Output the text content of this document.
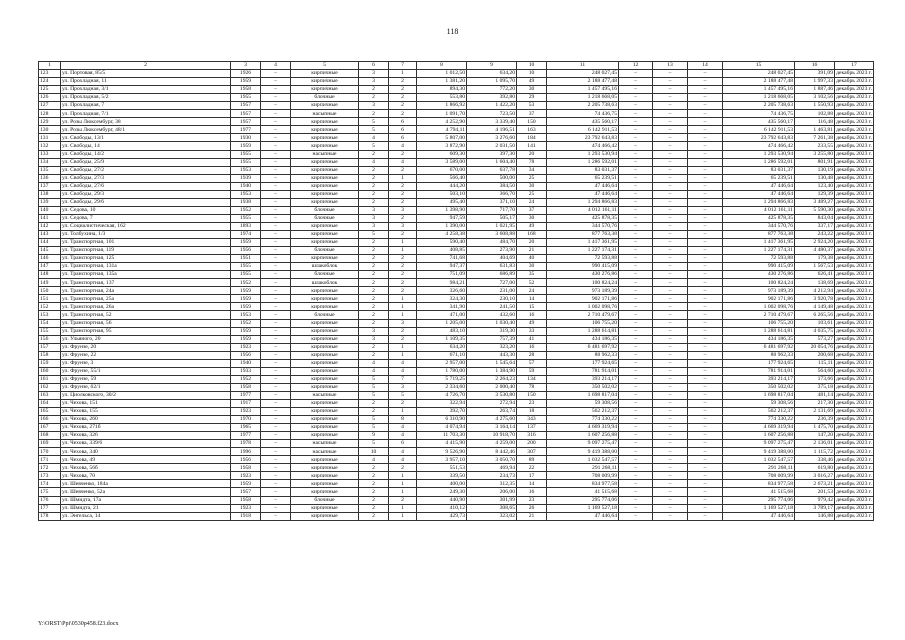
118
1	2	3	4	5	6	7	8	9	10	11	12	13	14	15	16	17
123	ул. Портовая, 85/5	1926	–	кирпичные	3	1	1 012,50	634,20	10	248 027,45	–	–	–	248 027,45	391,09	декабрь 2023 г.
124	ул. Прохладная, 11	1959	–	кирпичные	3	2	1 381,20	1 095,70	49	2 188 477,48	–	–	–	2 188 477,48	1 997,33	декабрь 2023 г.
125	ул. Прохладная, 3/1	1958	–	кирпичные	2	2	894,30	772,20	30	1 457 495,16	–	–	–	1 457 495,16	1 887,46	декабрь 2023 г.
126	ул. Прохладная, 5/2	1955	–	блочные	2	2	553,80	392,80	29	1 218 668,05	–	–	–	1 218 668,05	3 102,56	декабрь 2023 г.
127	ул. Прохладная, 7	1957	–	кирпичные	3	2	1 866,92	1 422,20	53	2 205 738,63	–	–	–	2 205 738,63	1 550,93	декабрь 2023 г.
128	ул. Прохладная, 7/1	1957	–	насыпные	2	2	1 091,70	723,50	37	74 436,75	–	–	–	74 436,75	102,88	декабрь 2023 г.
129	ул. Розы Люксембург, 38	1957	–	кирпичные	5	6	4 252,90	3 339,40	150	435 560,17	–	–	–	435 560,17	116,48	декабрь 2023 г.
130	ул. Розы Люксембург, 48/1	1977	–	кирпичные	5	6	4 794,11	4 196,51	163	6 142 911,53	–	–	–	6 142 911,53	1 463,81	декабрь 2023 г.
131	ул. Свободы, 13/1	1930	–	кирпичные	4	6	5 807,00	3 276,60	184	23 792 643,83	–	–	–	23 792 643,83	7 261,38	декабрь 2023 г.
132	ул. Свободы, 14	1959	–	кирпичные	5	4	3 872,90	2 031,50	141	474 466,42	–	–	–	474 466,42	233,55	декабрь 2023 г.
133	ул. Свободы, 14/2	1955	–	насыпные	2	2	609,30	397,30	20	1 293 530,94	–	–	–	1 293 530,94	3 255,80	декабрь 2023 г.
134	ул. Свободы, 25/9	1955	–	кирпичные	4	4	3 589,00	1 604,40	78	1 286 592,01	–	–	–	1 286 592,01	801,91	декабрь 2023 г.
135	ул. Свободы, 27/2	1953	–	кирпичные	2	2	670,00	637,78	34	83 031,37	–	–	–	83 031,37	130,19	декабрь 2023 г.
136	ул. Свободы, 27/3	1939	–	кирпичные	2	1	566,40	500,00	25	65 239,51	–	–	–	65 239,51	130,48	декабрь 2023 г.
137	ул. Свободы, 27/6	1940	–	кирпичные	2	2	444,20	384,50	30	47 446,64	–	–	–	47 446,64	123,40	декабрь 2023 г.
138	ул. Свободы, 29/3	1953	–	кирпичные	2	2	503,10	366,70	25	47 446,64	–	–	–	47 446,64	129,39	декабрь 2023 г.
139	ул. Свободы, 29/6	1938	–	кирпичные	2	2	495,40	371,10	24	1 294 866,83	–	–	–	1 294 866,83	3 489,27	декабрь 2023 г.
140	ул. Седова, 10	1952	–	блочные	3	3	1 398,90	717,70	37	4 012 161,11	–	–	–	4 012 161,11	5 590,30	декабрь 2023 г.
141	ул. Седова, 7	1955	–	блочные	3	2	947,59	505,17	30	425 878,35	–	–	–	425 878,35	843,04	декабрь 2023 г.
142	ул. Социалистическая, 162	1893	–	кирпичные	3	3	1 390,00	1 021,95	49	344 570,76	–	–	–	344 570,76	337,17	декабрь 2023 г.
143	ул. Толбухина, 1/3	1974	–	кирпичные	5	2	4 258,38	3 608,88	168	877 763,38	–	–	–	877 763,38	243,22	декабрь 2023 г.
144	ул. Транспортная, 101	1959	–	кирпичные	2	1	590,40	484,70	20	1 417 361,95	–	–	–	1 417 361,95	2 924,20	декабрь 2023 г.
145	ул. Транспортная, 119	1956	–	блочные	2	1	408,85	273,90	21	1 227 174,31	–	–	–	1 227 174,31	4 480,37	декабрь 2023 г.
146	ул. Транспортная, 125	1951	–	кирпичные	2	2	741,68	404,69	40	72 593,88	–	–	–	72 593,88	179,38	декабрь 2023 г.
147	ул. Транспортная, 131а	1955	–	шлакоблок	2	2	947,37	631,83	30	990 415,09	–	–	–	990 415,09	1 567,53	декабрь 2023 г.
148	ул. Транспортная, 135а	1955	–	блочные	2	2	751,09	686,89	35	430 276,86	–	–	–	430 276,86	626,41	декабрь 2023 г.
149	ул. Транспортная, 137	1952	–	шлакоблок	2	2	984,21	727,00	52	100 824,24	–	–	–	100 824,24	138,69	декабрь 2023 г.
150	ул. Транспортная, 24а	1959	–	кирпичные	2	2	326,60	231,00	24	973 189,39	–	–	–	973 189,39	4 212,94	декабрь 2023 г.
151	ул. Транспортная, 25а	1959	–	кирпичные	2	1	324,30	230,10	14	902 171,86	–	–	–	902 171,86	3 920,78	декабрь 2023 г.
152	ул. Транспортная, 26а	1959	–	кирпичные	2	1	341,90	241,50	15	1 002 098,76	–	–	–	1 002 098,76	4 149,48	декабрь 2023 г.
153	ул. Транспортная, 52	1953	–	блочные	2	1	471,00	432,60	16	2 710 479,67	–	–	–	2 710 479,67	6 265,56	декабрь 2023 г.
154	ул. Транспортная, 56	1952	–	кирпичные	2	3	1 205,00	1 030,40	49	106 755,20	–	–	–	106 755,20	103,61	декабрь 2023 г.
155	ул. Транспортная, 95	1959	–	кирпичные	3	2	483,10	319,30	33	1 288 614,81	–	–	–	1 288 614,81	4 035,75	декабрь 2023 г.
156	ул. Ульяного, 20	1959	–	кирпичные	3	2	1 109,35	757,39	41	434 186,35	–	–	–	434 186,35	573,27	декабрь 2023 г.
157	ул. Фрунзе, 20	1923	–	кирпичные	2	1	634,20	323,20	16	6 481 697,92	–	–	–	6 481 697,92	20 054,76	декабрь 2023 г.
158	ул. Фрунзе, 22	1956	–	кирпичные	2	1	671,10	443,30	28	88 962,33	–	–	–	88 962,33	200,68	декабрь 2023 г.
159	ул. Фрунзе, 3	1940	–	кирпичные	4	4	2 957,00	1 545,64	57	177 924,65	–	–	–	177 924,65	115,11	декабрь 2023 г.
160	ул. Фрунзе, 55/1	1933	–	кирпичные	4	4	1 780,00	1 384,90	59	781 914,01	–	–	–	781 914,01	564,60	декабрь 2023 г.
161	ул. Фрунзе, 59	1952	–	кирпичные	5	7	5 719,25	2 264,23	134	393 214,17	–	–	–	393 214,17	173,66	декабрь 2023 г.
162	ул. Фрунзе, 62/1	1958	–	кирпичные	5	3	2 334,60	2 000,40	78	350 502,02	–	–	–	350 502,02	375,18	декабрь 2023 г.
163	ул. Циолковского, 30/2	1977	–	насыпные	5	5	4 726,70	3 530,80	150	1 698 817,04	–	–	–	1 698 817,04	481,14	декабрь 2023 г.
164	ул. Чехова, 151	1917	–	кирпичные	2	2	322,94	272,94	23	59 308,56	–	–	–	59 308,56	217,30	декабрь 2023 г.
165	ул. Чехова, 155	1923	–	кирпичные	2	1	392,70	263,74	18	562 212,37	–	–	–	562 212,37	2 131,69	декабрь 2023 г.
166	ул. Чехова, 260	1970	–	кирпичные	5	8	6 310,90	4 275,60	343	774 330,22	–	–	–	774 330,22	236,39	декабрь 2023 г.
167	ул. Чехова, 271б	1965	–	кирпичные	5	4	4 074,94	3 164,14	137	4 669 319,94	–	–	–	4 669 319,94	1 475,70	декабрь 2023 г.
168	ул. Чехова, 326	1977	–	кирпичные	9	4	11 703,30	10 918,70	316	1 607 256,88	–	–	–	1 607 256,88	147,20	декабрь 2023 г.
169	ул. Чехова, 339/6	1978	–	насыпные	5	6	4 415,90	4 259,00	200	9 097 275,47	–	–	–	9 097 275,47	2 136,01	декабрь 2023 г.
170	ул. Чехова, 340	1996	–	насыпные	10	4	9 526,90	8 442,46	307	9 419 388,00	–	–	–	9 419 388,00	1 115,72	декабрь 2023 г.
171	ул. Чехова, 49	1956	–	кирпичные	4	4	3 957,10	3 050,70	89	1 032 547,57	–	–	–	1 032 547,57	338,46	декабрь 2023 г.
172	ул. Чехова, 56б	1958	–	кирпичные	2	2	551,53	469,94	22	291 268,11	–	–	–	291 268,11	619,80	декабрь 2023 г.
173	ул. Чехова, 70	1923	–	кирпичные	2	1	339,50	234,73	17	708 009,99	–	–	–	708 009,99	3 016,27	декабрь 2023 г.
174	ул. Шевченко, 184а	1959	–	кирпичные	2	1	400,00	312,35	14	834 977,58	–	–	–	834 977,58	2 673,21	декабрь 2023 г.
175	ул. Шевченко, 52а	1957	–	кирпичные	2	1	249,30	206,00	16	41 515,68	–	–	–	41 515,68	201,53	декабрь 2023 г.
176	ул. Шмидта, 17а	1958	–	блочные	2	2	440,90	301,99	23	295 774,06	–	–	–	295 774,06	979,42	декабрь 2023 г.
177	ул. Шмидта, 21	1923	–	кирпичные	2	1	410,12	308,65	26	1 169 527,18	–	–	–	1 169 527,18	3 789,17	декабрь 2023 г.
178	ул. Энгельса, 14	1918	–	кирпичные	2	1	429,73	323,02	21	47 446,64	–	–	–	47 446,64	146,88	декабрь 2023 г.
Y:\ORST\Ppi\0530p458.f23.docx
